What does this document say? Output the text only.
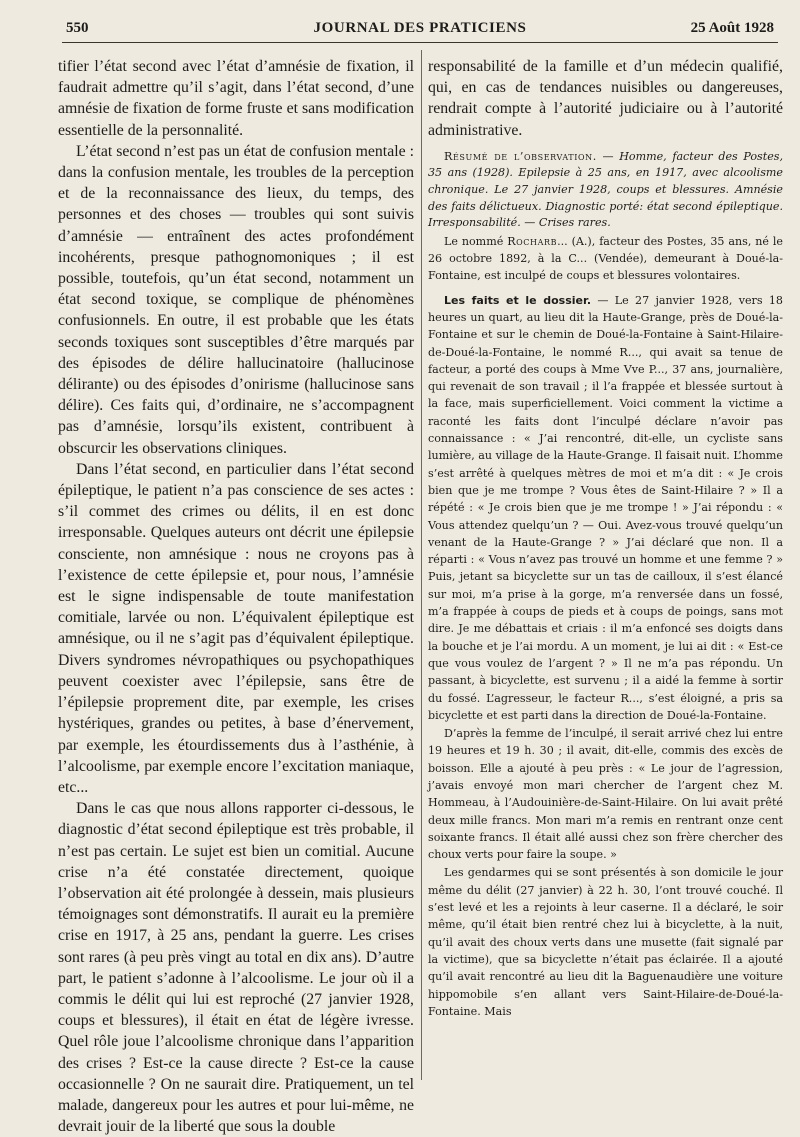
550	JOURNAL DES PRATICIENS	25 Août 1928

tifier l’état second avec l’état d’amnésie de fixation, il faudrait admettre qu’il s’agit, dans l’état second, d’une amnésie de fixation de forme fruste et sans modification essentielle de la personnalité.

L’état second n’est pas un état de confusion mentale : dans la confusion mentale, les troubles de la perception et de la reconnaissance des lieux, du temps, des personnes et des choses — troubles qui sont suivis d’amnésie — entraînent des actes profondément incohérents, presque pathognomoniques ; il est possible, toutefois, qu’un état second, notamment un état second toxique, se complique de phénomènes confusionnels. En outre, il est probable que les états seconds toxiques sont susceptibles d’être marqués par des épisodes de délire hallucinatoire (hallucinose délirante) ou des épisodes d’onirisme (hallucinose sans délire). Ces faits qui, d’ordinaire, ne s’accompagnent pas d’amnésie, lorsqu’ils existent, contribuent à obscurcir les observations cliniques.

Dans l’état second, en particulier dans l’état second épileptique, le patient n’a pas conscience de ses actes : s’il commet des crimes ou délits, il en est donc irresponsable. Quelques auteurs ont décrit une épilepsie consciente, non amnésique : nous ne croyons pas à l’existence de cette épilepsie et, pour nous, l’amnésie est le signe indispensable de toute manifestation comitiale, larvée ou non. L’équivalent épileptique est amnésique, ou il ne s’agit pas d’équivalent épileptique. Divers syndromes névropathiques ou psychopathiques peuvent coexister avec l’épilepsie, sans être de l’épilepsie proprement dite, par exemple, les crises hystériques, grandes ou petites, à base d’énervement, par exemple, les étourdissements dus à l’asthénie, à l’alcoolisme, par exemple encore l’excitation maniaque, etc...

Dans le cas que nous allons rapporter ci-dessous, le diagnostic d’état second épileptique est très probable, il n’est pas certain. Le sujet est bien un comitial. Aucune crise n’a été constatée directement, quoique l’observation ait été prolongée à dessein, mais plusieurs témoignages sont démonstratifs. Il aurait eu la première crise en 1917, à 25 ans, pendant la guerre. Les crises sont rares (à peu près vingt au total en dix ans). D’autre part, le patient s’adonne à l’alcoolisme. Le jour où il a commis le délit qui lui est reproché (27 janvier 1928, coups et blessures), il était en état de légère ivresse. Quel rôle joue l’alcoolisme chronique dans l’apparition des crises ? Est-ce la cause directe ? Est-ce la cause occasionnelle ? On ne saurait dire. Pratiquement, un tel malade, dangereux pour les autres et pour lui-même, ne devrait jouir de la liberté que sous la double

responsabilité de la famille et d’un médecin qualifié, qui, en cas de tendances nuisibles ou dangereuses, rendrait compte à l’autorité judiciaire ou à l’autorité administrative.

Résumé de l’observation. — Homme, facteur des Postes, 35 ans (1928). Epilepsie à 25 ans, en 1917, avec alcoolisme chronique. Le 27 janvier 1928, coups et blessures. Amnésie des faits délictueux. Diagnostic porté: état second épileptique. Irresponsabilité. — Crises rares.

Le nommé Rocharb... (A.), facteur des Postes, 35 ans, né le 26 octobre 1892, à la C... (Vendée), demeurant à Doué-la-Fontaine, est inculpé de coups et blessures volontaires.

Les faits et le dossier. — Le 27 janvier 1928, vers 18 heures un quart, au lieu dit la Haute-Grange, près de Doué-la-Fontaine et sur le chemin de Doué-la-Fontaine à Saint-Hilaire-de-Doué-la-Fontaine, le nommé R..., qui avait sa tenue de facteur, a porté des coups à Mme Vve P..., 37 ans, journalière, qui revenait de son travail ; il l’a frappée et blessée surtout à la face, mais superficiellement. Voici comment la victime a raconté les faits dont l’inculpé déclare n’avoir pas connaissance : « J’ai rencontré, dit-elle, un cycliste sans lumière, au village de la Haute-Grange. Il faisait nuit. L’homme s’est arrêté à quelques mètres de moi et m’a dit : « Je crois bien que je me trompe ? Vous êtes de Saint-Hilaire ? » Il a répété : « Je crois bien que je me trompe ! » J’ai répondu : « Vous attendez quelqu’un ? — Oui. Avez-vous trouvé quelqu’un venant de la Haute-Grange ? » J’ai déclaré que non. Il a réparti : « Vous n’avez pas trouvé un homme et une femme ? » Puis, jetant sa bicyclette sur un tas de cailloux, il s’est élancé sur moi, m’a prise à la gorge, m’a renversée dans un fossé, m’a frappée à coups de pieds et à coups de poings, sans mot dire. Je me débattais et criais : il m’a enfoncé ses doigts dans la bouche et je l’ai mordu. A un moment, je lui ai dit : « Est-ce que vous voulez de l’argent ? » Il ne m’a pas répondu. Un passant, à bicyclette, est survenu ; il a aidé la femme à sortir du fossé. L’agresseur, le facteur R..., s’est éloigné, a pris sa bicyclette et est parti dans la direction de Doué-la-Fontaine.

D’après la femme de l’inculpé, il serait arrivé chez lui entre 19 heures et 19 h. 30 ; il avait, dit-elle, commis des excès de boisson. Elle a ajouté à peu près : « Le jour de l’agression, j’avais envoyé mon mari chercher de l’argent chez M. Hommeau, à l’Audouinière-de-Saint-Hilaire. On lui avait prêté deux mille francs. Mon mari m’a remis en rentrant onze cent soixante francs. Il était allé aussi chez son frère chercher des choux verts pour faire la soupe. »

Les gendarmes qui se sont présentés à son domicile le jour même du délit (27 janvier) à 22 h. 30, l’ont trouvé couché. Il s’est levé et les a rejoints à leur caserne. Il a déclaré, le soir même, qu’il était bien rentré chez lui à bicyclette, à la nuit, qu’il avait des choux verts dans une musette (fait signalé par la victime), que sa bicyclette n’était pas éclairée. Il a ajouté qu’il avait rencontré au lieu dit la Baguenaudière une voiture hippomobile s’en allant vers Saint-Hilaire-de-Doué-la-Fontaine. Mais
